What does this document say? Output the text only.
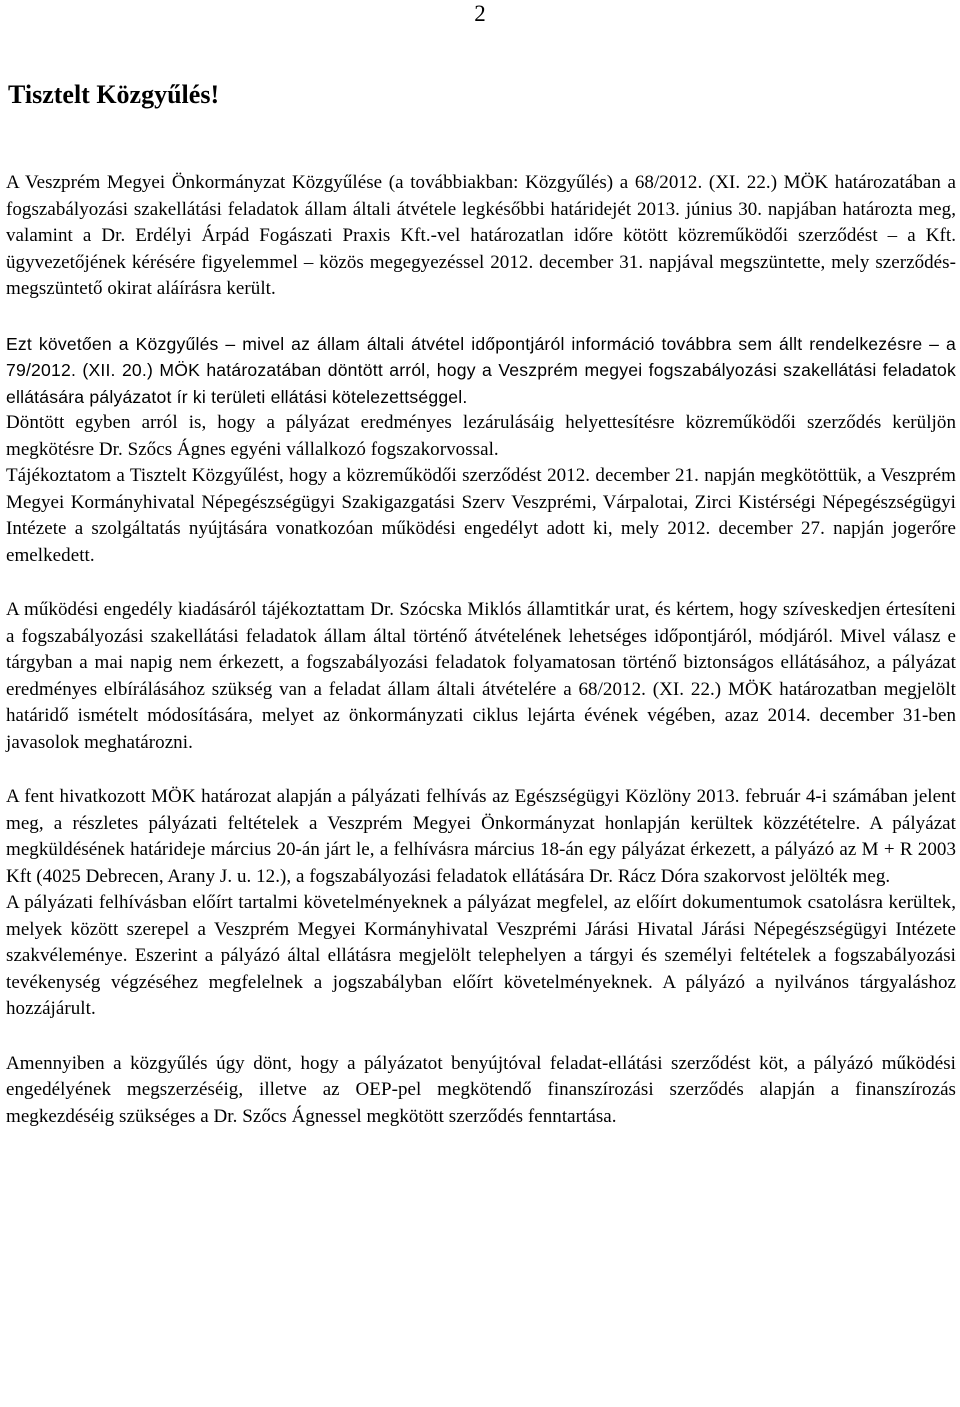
2
Tisztelt Közgyűlés!

A Veszprém Megyei Önkormányzat Közgyűlése (a továbbiakban: Közgyűlés) a 68/2012. (XI. 22.) MÖK határozatában a fogszabályozási szakellátási feladatok állam általi átvétele legkésőbbi határidejét 2013. június 30. napjában határozta meg, valamint a Dr. Erdélyi Árpád Fogászati Praxis Kft.-vel határozatlan időre kötött közreműködői szerződést – a Kft. ügyvezetőjének kérésére figyelemmel – közös megegyezéssel 2012. december 31. napjával megszüntette, mely szerződés-megszüntető okirat aláírásra került.

Ezt követően a Közgyűlés – mivel az állam általi átvétel időpontjáról információ továbbra sem állt rendelkezésre – a 79/2012. (XII. 20.) MÖK határozatában döntött arról, hogy a Veszprém megyei fogszabályozási szakellátási feladatok ellátására pályázatot ír ki területi ellátási kötelezettséggel.

Döntött egyben arról is, hogy a pályázat eredményes lezárulásáig helyettesítésre közreműködői szerződés kerüljön megkötésre Dr. Szőcs Ágnes egyéni vállalkozó fogszakorvossal.

Tájékoztatom a Tisztelt Közgyűlést, hogy a közreműködői szerződést 2012. december 21. napján megkötöttük, a Veszprém Megyei Kormányhivatal Népegészségügyi Szakigazgatási Szerv Veszprémi, Várpalotai, Zirci Kistérségi Népegészségügyi Intézete a szolgáltatás nyújtására vonatkozóan működési engedélyt adott ki, mely 2012. december 27. napján jogerőre emelkedett.

A működési engedély kiadásáról tájékoztattam Dr. Szócska Miklós államtitkár urat, és kértem, hogy szíveskedjen értesíteni a fogszabályozási szakellátási feladatok állam által történő átvételének lehetséges időpontjáról, módjáról. Mivel válasz e tárgyban a mai napig nem érkezett, a fogszabályozási feladatok folyamatosan történő biztonságos ellátásához, a pályázat eredményes elbírálásához szükség van a feladat állam általi átvételére a 68/2012. (XI. 22.) MÖK határozatban megjelölt határidő ismételt módosítására, melyet az önkormányzati ciklus lejárta évének végében, azaz 2014. december 31-ben javasolok meghatározni.

A fent hivatkozott MÖK határozat alapján a pályázati felhívás az Egészségügyi Közlöny 2013. február 4-i számában jelent meg, a részletes pályázati feltételek a Veszprém Megyei Önkormányzat honlapján kerültek közzétételre. A pályázat megküldésének határideje március 20-án járt le, a felhívásra március 18-án egy pályázat érkezett, a pályázó az M + R 2003 Kft (4025 Debrecen, Arany J. u. 12.), a fogszabályozási feladatok ellátására Dr. Rácz Dóra szakorvost jelölték meg.

A pályázati felhívásban előírt tartalmi követelményeknek a pályázat megfelel, az előírt dokumentumok csatolásra kerültek, melyek között szerepel a Veszprém Megyei Kormányhivatal Veszprémi Járási Hivatal Járási Népegészségügyi Intézete szakvéleménye. Eszerint a pályázó által ellátásra megjelölt telephelyen a tárgyi és személyi feltételek a fogszabályozási tevékenység végzéséhez megfelelnek a jogszabályban előírt követelményeknek. A pályázó a nyilvános tárgyaláshoz hozzájárult.

Amennyiben a közgyűlés úgy dönt, hogy a pályázatot benyújtóval feladat-ellátási szerződést köt, a pályázó működési engedélyének megszerzéséig, illetve az OEP-pel megkötendő finanszírozási szerződés alapján a finanszírozás megkezdéséig szükséges a Dr. Szőcs Ágnessel megkötött szerződés fenntartása.
